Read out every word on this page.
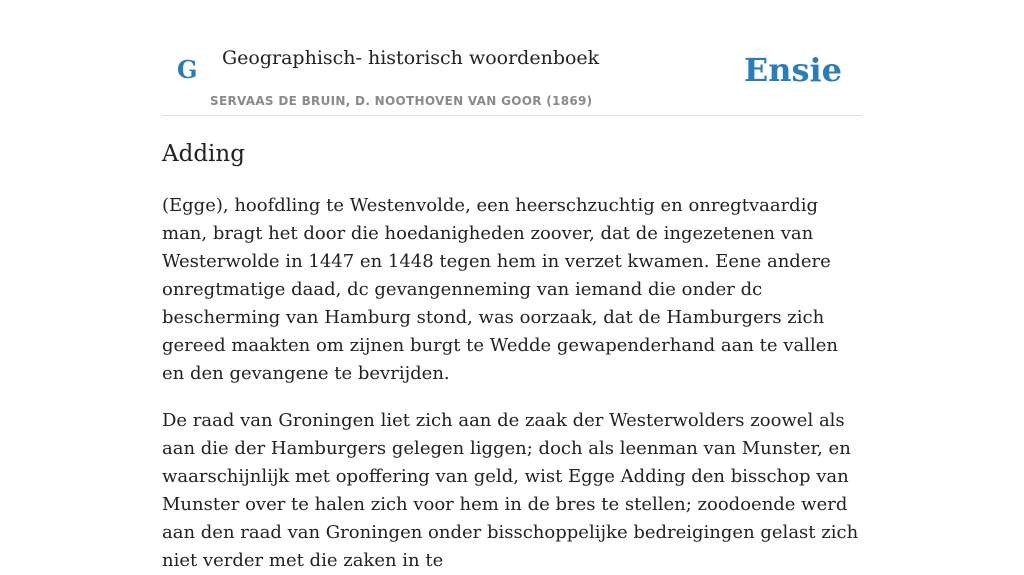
G Geographisch- historisch woordenboek
SERVAAS DE BRUIN, D. NOOTHOVEN VAN GOOR (1869)
Ensie
Adding

(Egge), hoofdling te Westenvolde, een heerschzuchtig en onregtvaardig man, bragt het door die hoedanigheden zoover, dat de ingezetenen van Westerwolde in 1447 en 1448 tegen hem in verzet kwamen. Eene andere onregtmatige daad, dc gevangenneming van iemand die onder dc bescherming van Hamburg stond, was oorzaak, dat de Hamburgers zich gereed maakten om zijnen burgt te Wedde gewapenderhand aan te vallen en den gevangene te bevrijden.

De raad van Groningen liet zich aan de zaak der Westerwolders zoowel als aan die der Hamburgers gelegen liggen; doch als leenman van Munster, en waarschijnlijk met opoffering van geld, wist Egge Adding den bisschop van Munster over te halen zich voor hem in de bres te stellen; zoodoende werd aan den raad van Groningen onder bisschoppelijke bedreigingen gelast zich niet verder met die zaken in te
